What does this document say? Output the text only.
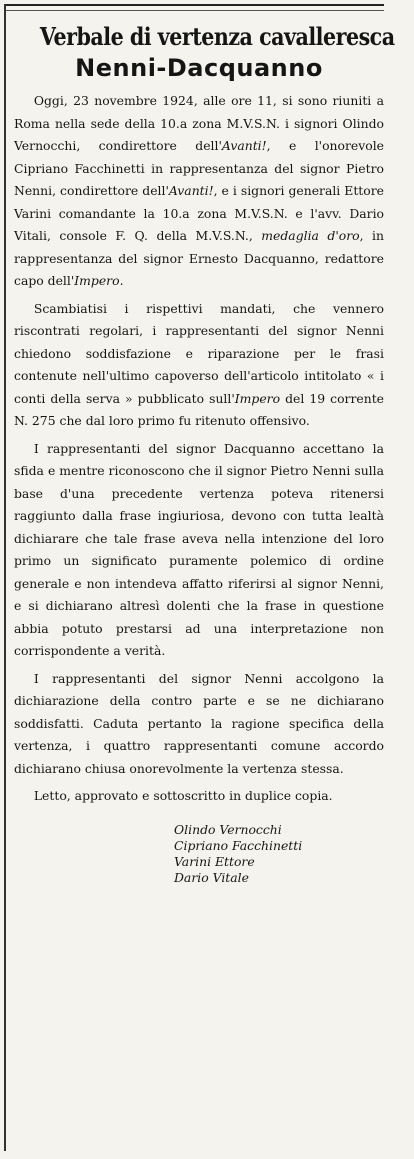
Verbale di vertenza cavalleresca
Nenni-Dacquanno

Oggi, 23 novembre 1924, alle ore 11, si sono riuniti a Roma nella sede della 10.a zona M.V.S.N. i signori Olindo Vernocchi, condirettore dell'Avanti!, e l'onorevole Cipriano Facchinetti in rappresentanza del signor Pietro Nenni, condirettore dell'Avanti!, e i signori generali Ettore Varini comandante la 10.a zona M.V.S.N. e l'avv. Dario Vitali, console F. Q. della M.V.S.N., medaglia d'oro, in rappresentanza del signor Ernesto Dacquanno, redattore capo dell'Impero.

Scambiatisi i rispettivi mandati, che vennero riscontrati regolari, i rappresentanti del signor Nenni chiedono soddisfazione e riparazione per le frasi contenute nell'ultimo capoverso dell'articolo intitolato « i conti della serva » pubblicato sull'Impero del 19 corrente N. 275 che dal loro primo fu ritenuto offensivo.

I rappresentanti del signor Dacquanno accettano la sfida e mentre riconoscono che il signor Pietro Nenni sulla base d'una precedente vertenza poteva ritenersi raggiunto dalla frase ingiuriosa, devono con tutta lealtà dichiarare che tale frase aveva nella intenzione del loro primo un significato puramente polemico di ordine generale e non intendeva affatto riferirsi al signor Nenni, e si dichiarano altresì dolenti che la frase in questione abbia potuto prestarsi ad una interpretazione non corrispondente a verità.

I rappresentanti del signor Nenni accolgono la dichiarazione della contro parte e se ne dichiarano soddisfatti. Caduta pertanto la ragione specifica della vertenza, i quattro rappresentanti comune accordo dichiarano chiusa onorevolmente la vertenza stessa.

Letto, approvato e sottoscritto in duplice copia.

Olindo Vernocchi
Cipriano Facchinetti
Varini Ettore
Dario Vitale
